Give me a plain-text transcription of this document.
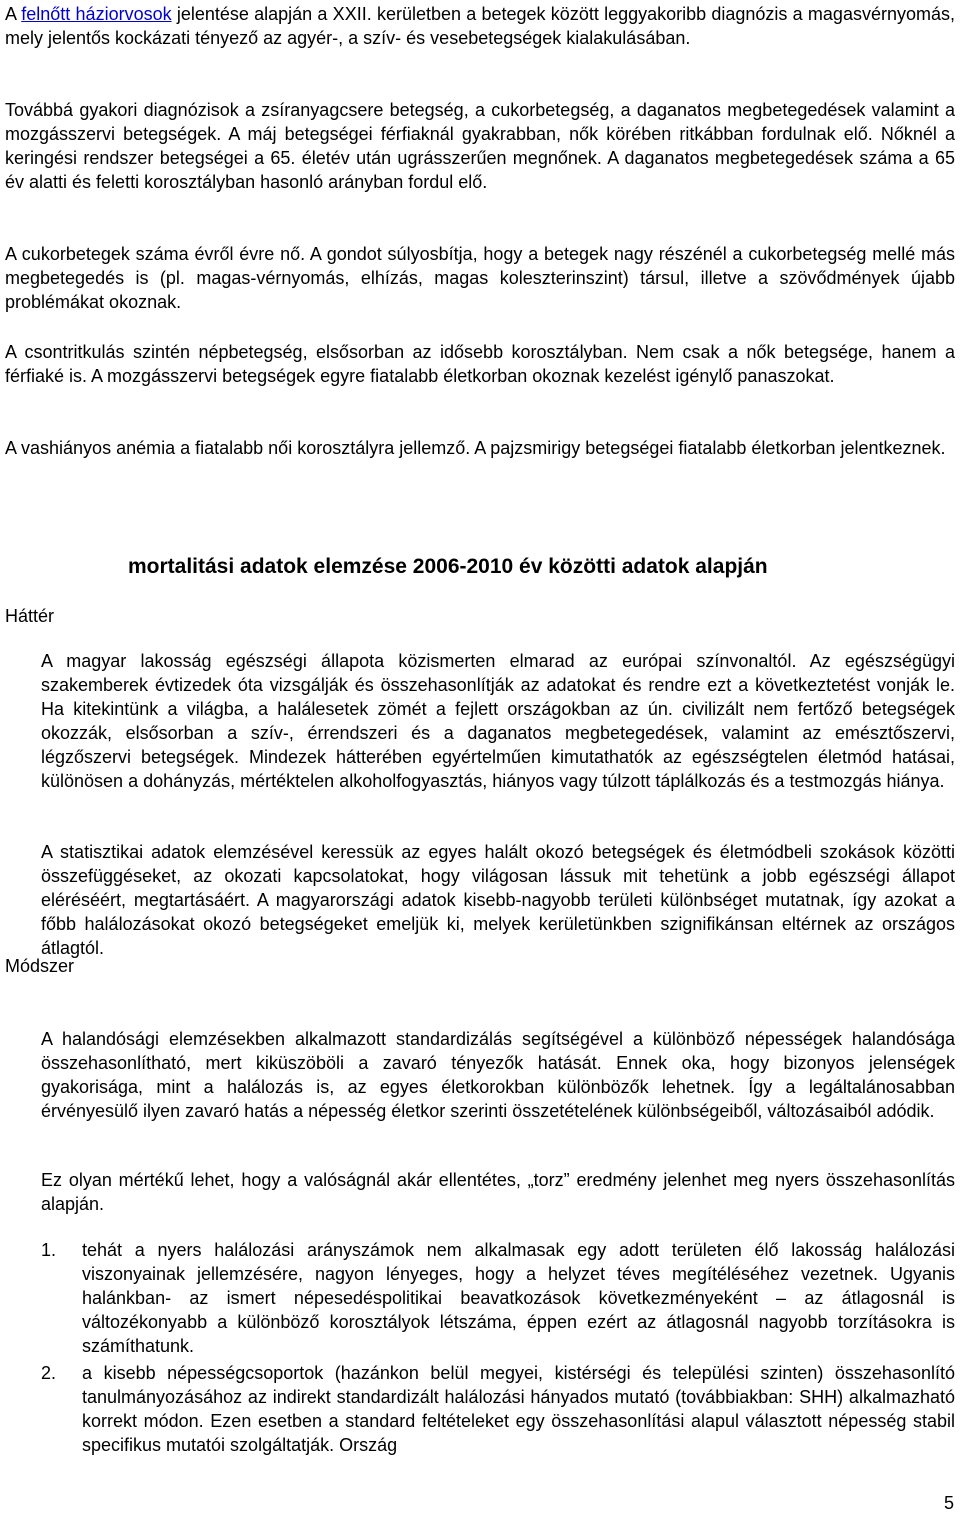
A felnőtt háziorvosok jelentése alapján a XXII. kerületben a betegek között leggyakoribb diagnózis a magasvérnyomás, mely jelentős kockázati tényező az agyér-, a szív- és vesebetegségek kialakulásában.

Továbbá gyakori diagnózisok a zsíranyagcsere betegség, a cukorbetegség, a daganatos megbetegedések valamint a mozgásszervi betegségek. A máj betegségei férfiaknál gyakrabban, nők körében ritkábban fordulnak elő. Nőknél a keringési rendszer betegségei a 65. életév után ugrásszerűen megnőnek. A daganatos megbetegedések száma a 65 év alatti és feletti korosztályban hasonló arányban fordul elő.

A cukorbetegek száma évről évre nő. A gondot súlyosbítja, hogy a betegek nagy részénél a cukorbetegség mellé más megbetegedés is (pl. magas-vérnyomás, elhízás, magas koleszterinszint) társul, illetve a szövődmények újabb problémákat okoznak.

A csontritkulás szintén népbetegség, elsősorban az idősebb korosztályban. Nem csak a nők betegsége, hanem a férfiaké is. A mozgásszervi betegségek egyre fiatalabb életkorban okoznak kezelést igénylő panaszokat.

A vashiányos anémia a fiatalabb női korosztályra jellemző. A pajzsmirigy betegségei fiatalabb életkorban jelentkeznek.

mortalitási adatok elemzése 2006-2010 év közötti adatok alapján
Háttér

A magyar lakosság egészségi állapota közismerten elmarad az európai színvonaltól. Az egészségügyi szakemberek évtizedek óta vizsgálják és összehasonlítják az adatokat és rendre ezt a következtetést vonják le. Ha kitekintünk a világba, a halálesetek zömét a fejlett országokban az ún. civilizált nem fertőző betegségek okozzák, elsősorban a szív-, érrendszeri és a daganatos megbetegedések, valamint az emésztőszervi, légzőszervi betegségek. Mindezek hátterében egyértelműen kimutathatók az egészségtelen életmód hatásai, különösen a dohányzás, mértéktelen alkoholfogyasztás, hiányos vagy túlzott táplálkozás és a testmozgás hiánya.

A statisztikai adatok elemzésével keressük az egyes halált okozó betegségek és életmódbeli szokások közötti összefüggéseket, az okozati kapcsolatokat, hogy világosan lássuk mit tehetünk a jobb egészségi állapot eléréséért, megtartásáért. A magyarországi adatok kisebb-nagyobb területi különbséget mutatnak, így azokat a főbb halálozásokat okozó betegségeket emeljük ki, melyek kerületünkben szignifikánsan eltérnek az országos átlagtól.

Módszer

A halandósági elemzésekben alkalmazott standardizálás segítségével a különböző népességek halandósága összehasonlítható, mert kiküszöböli a zavaró tényezők hatását. Ennek oka, hogy bizonyos jelenségek gyakorisága, mint a halálozás is, az egyes életkorokban különbözők lehetnek. Így a legáltalánosabban érvényesülő ilyen zavaró hatás a népesség életkor szerinti összetételének különbségeiből, változásaiból adódik.

Ez olyan mértékű lehet, hogy a valóságnál akár ellentétes, „torz” eredmény jelenhet meg nyers összehasonlítás alapján.

1.	tehát a nyers halálozási arányszámok nem alkalmasak egy adott területen élő lakosság halálozási viszonyainak jellemzésére, nagyon lényeges, hogy a helyzet téves megítéléséhez vezetnek. Ugyanis halánkban- az ismert népesedéspolitikai beavatkozások következményeként – az átlagosnál is változékonyabb a különböző korosztályok létszáma, éppen ezért az átlagosnál nagyobb torzításokra is számíthatunk.
2.	a kisebb népességcsoportok (hazánkon belül megyei, kistérségi és települési szinten) összehasonlító tanulmányozásához az indirekt standardizált halálozási hányados mutató (továbbiakban: SHH) alkalmazható korrekt módon. Ezen esetben a standard feltételeket egy összehasonlítási alapul választott népesség stabil specifikus mutatói szolgáltatják. Ország
5
